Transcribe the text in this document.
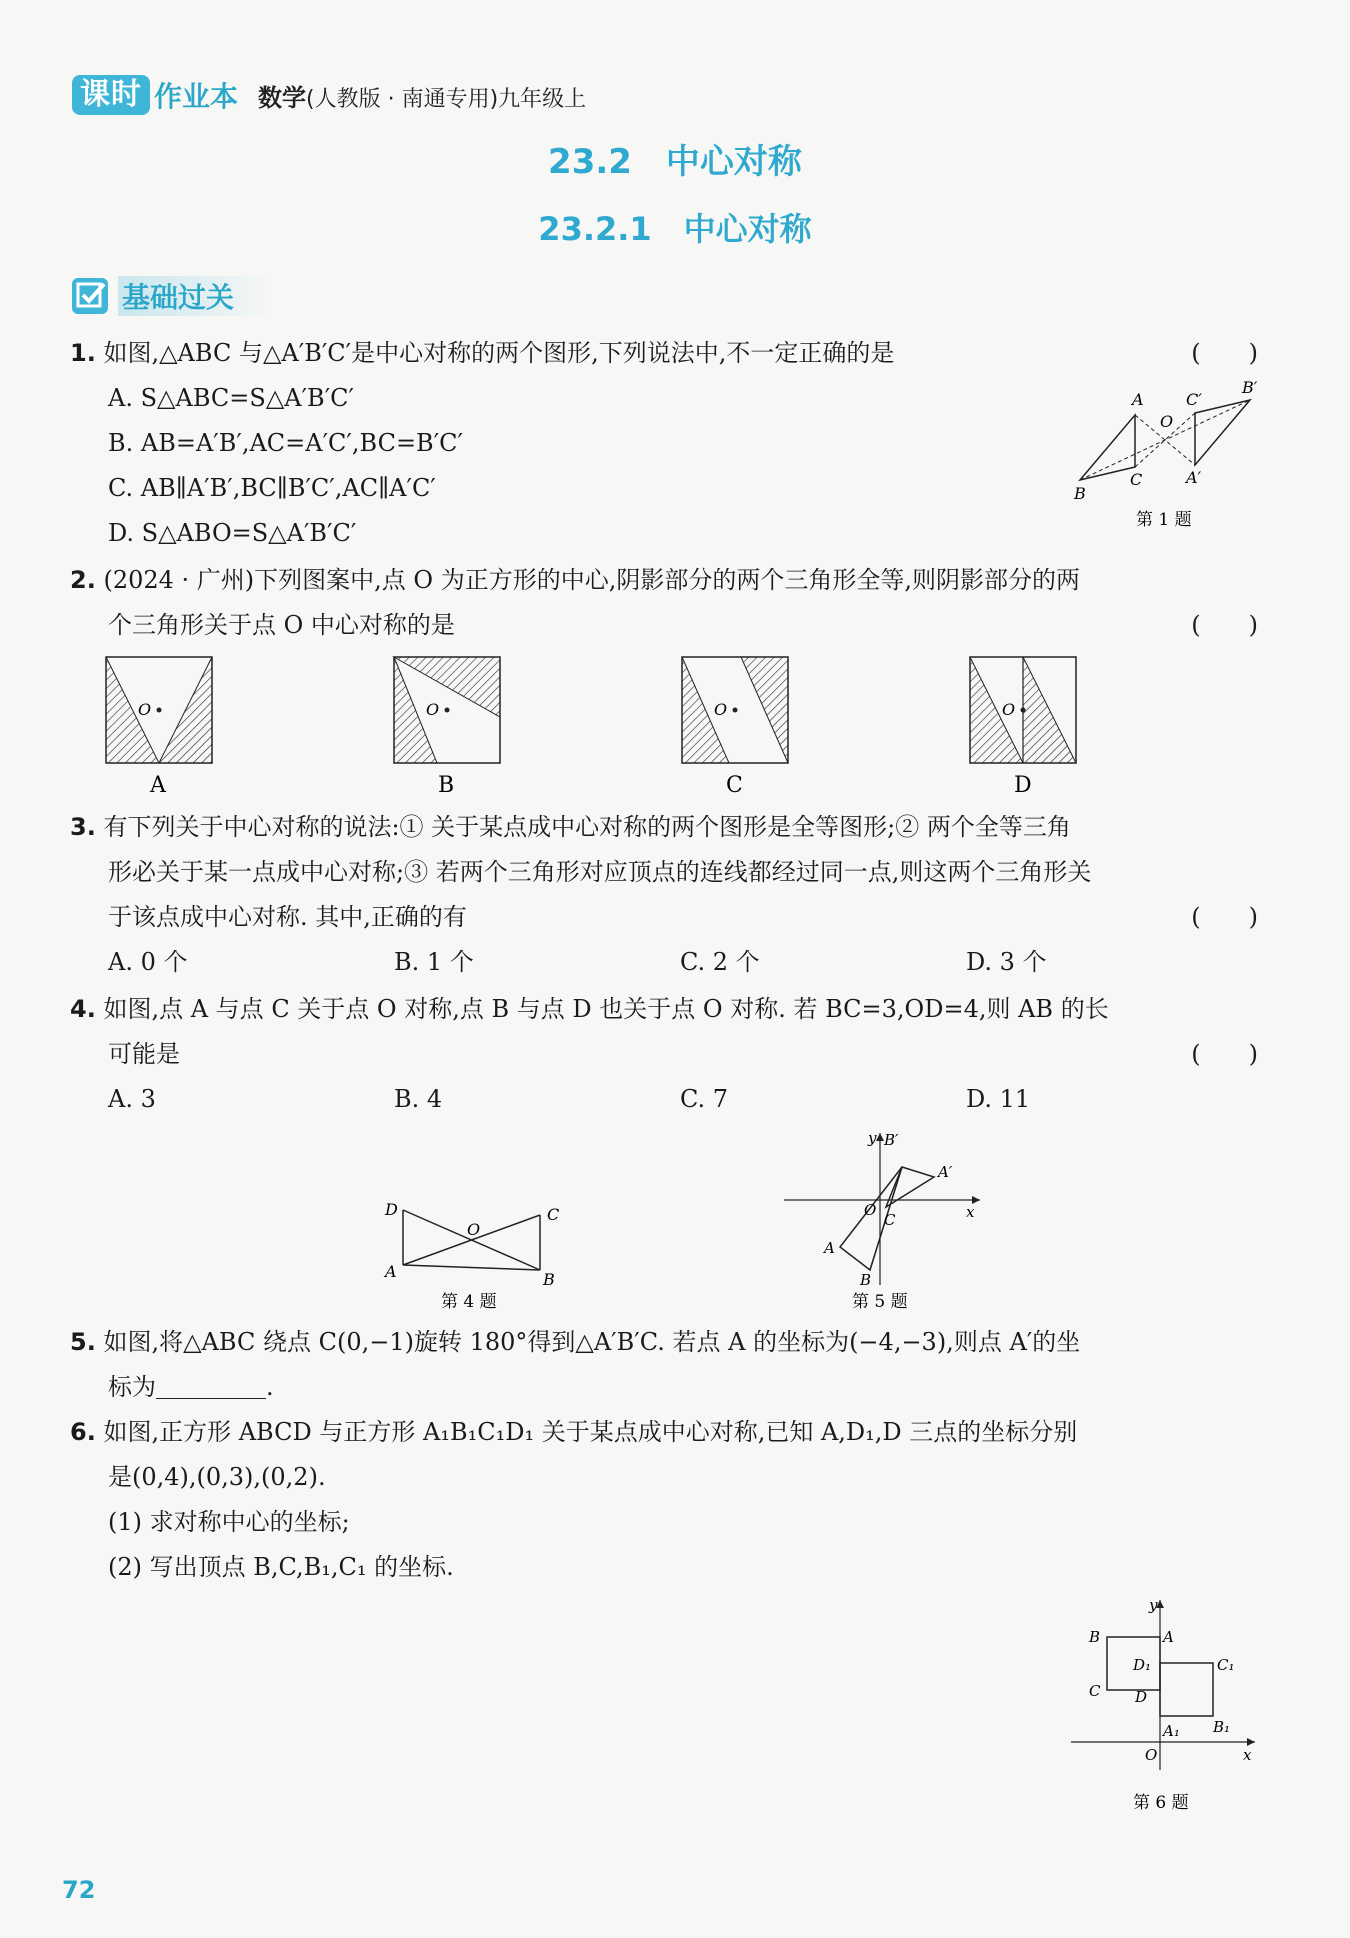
课时 作业本 数学(人教版 · 南通专用)九年级上
23.2　中心对称
23.2.1　中心对称
基础过关
1. 如图,△ABC 与△A′B′C′是中心对称的两个图形,下列说法中,不一定正确的是	(　　)
A. S△ABC=S△A′B′C′
B. AB=A′B′,AC=A′C′,BC=B′C′
C. AB∥A′B′,BC∥B′C′,AC∥A′C′
D. S△ABO=S△A′B′C′
A
O
C′
B′
B
C	A′
第 1 题
2. (2024 · 广州)下列图案中,点 O 为正方形的中心,阴影部分的两个三角形全等,则阴影部分的两
个三角形关于点 O 中心对称的是	(　　)
O
A
O
B
O
C
O
D
3. 有下列关于中心对称的说法:① 关于某点成中心对称的两个图形是全等图形;② 两个全等三角
形必关于某一点成中心对称;③ 若两个三角形对应顶点的连线都经过同一点,则这两个三角形关
于该点成中心对称. 其中,正确的有	(　　)
A. 0 个	B. 1 个	C. 2 个	D. 3 个
4. 如图,点 A 与点 C 关于点 O 对称,点 B 与点 D 也关于点 O 对称. 若 BC=3,OD=4,则 AB 的长
可能是	(　　)
A. 3	B. 4	C. 7	D. 11
D	C
O
A	B
第 4 题
y B′
A′
O	x
C
A
B
第 5 题
5. 如图,将△ABC 绕点 C(0,−1)旋转 180°得到△A′B′C. 若点 A 的坐标为(−4,−3),则点 A′的坐
标为	.
6. 如图,正方形 ABCD 与正方形 A₁B₁C₁D₁ 关于某点成中心对称,已知 A,D₁,D 三点的坐标分别
是(0,4),(0,3),(0,2).
(1) 求对称中心的坐标;
(2) 写出顶点 B,C,B₁,C₁ 的坐标.
y
B	A
D₁	C₁
C D
A₁ B₁
O	x
第 6 题
72
